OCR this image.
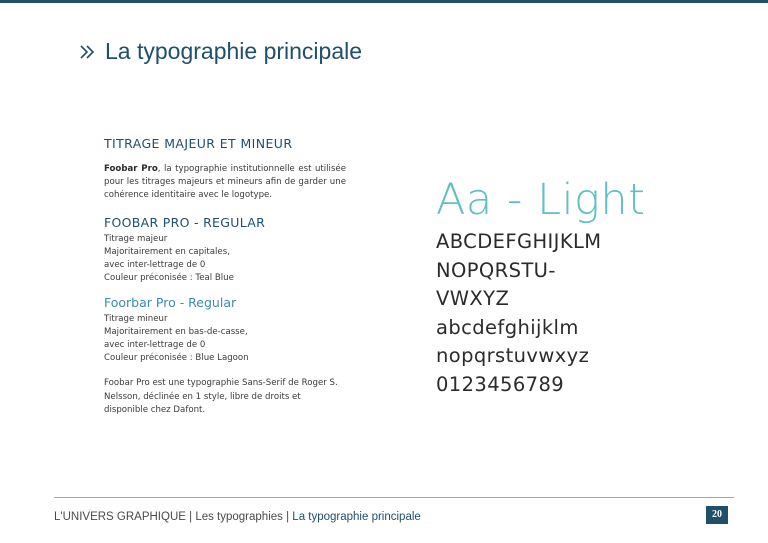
La typographie principale
TITRAGE MAJEUR ET MINEUR

Foobar Pro, la typographie institutionnelle est utilisée pour les titrages majeurs et mineurs afin de garder une cohérence identitaire avec le logotype.

FOOBAR PRO - REGULAR
Titrage majeur
Majoritairement en capitales,
avec inter-lettrage de 0
Couleur préconisée : Teal Blue
Foorbar Pro - Regular
Titrage mineur
Majoritairement en bas-de-casse,
avec inter-lettrage de 0
Couleur préconisée : Blue Lagoon
Foobar Pro est une typographie Sans-Serif de Roger S. Nelsson, déclinée en 1 style, libre de droits et disponible chez Dafont.
Aa - Light
ABCDEFGHIJKLM
NOPQRSTU-
VWXYZ
abcdefghijklm
nopqrstuvwxyz
0123456789
L'UNIVERS GRAPHIQUE | Les typographies | La typographie principale	20
